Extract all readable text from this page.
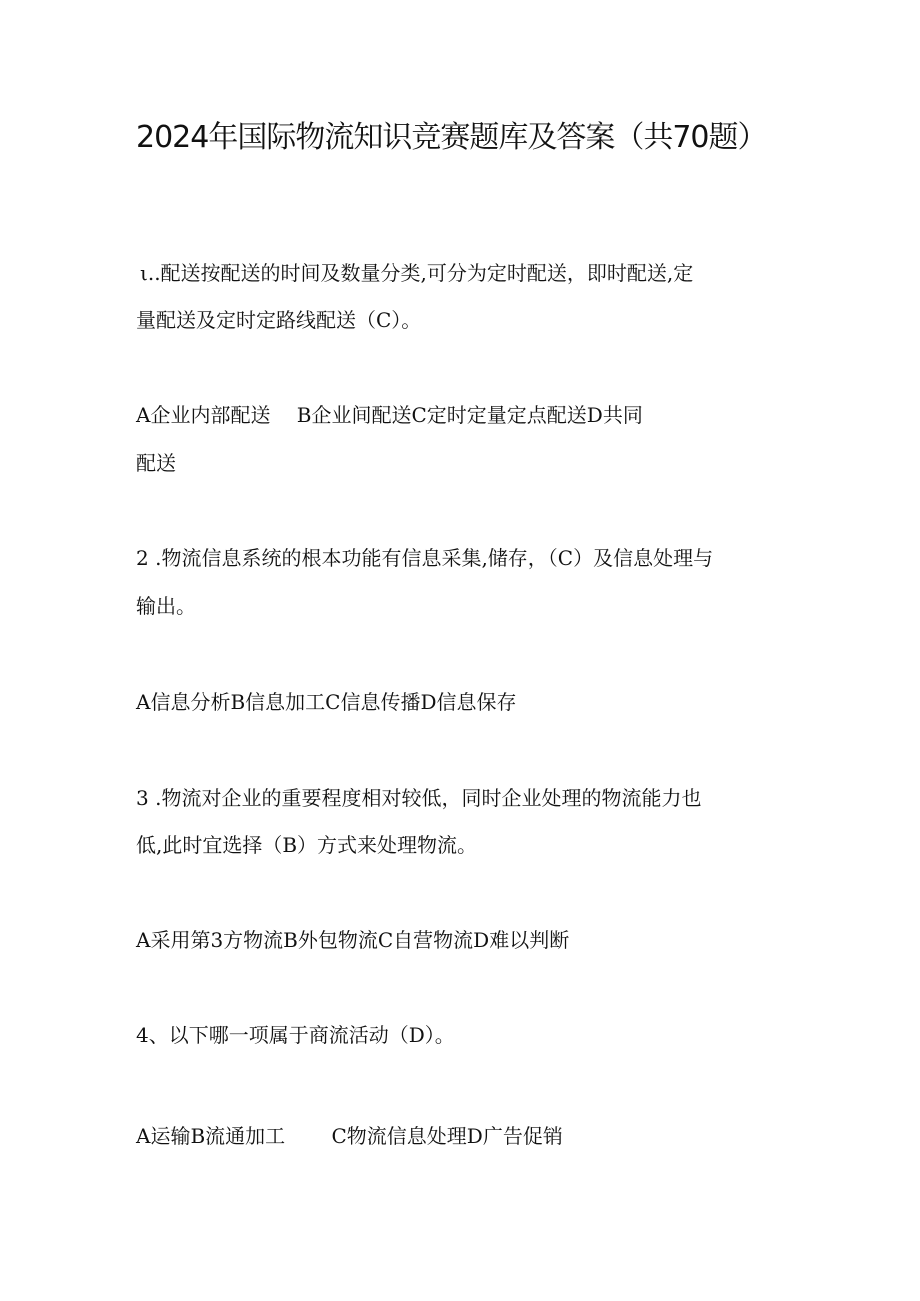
2024年国际物流知识竞赛题库及答案（共70题）
ι..配送按配送的时间及数量分类,可分为定时配送，即时配送,定
量配送及定时定路线配送（C）。
A企业内部配送　 B企业间配送C定时定量定点配送D共同
配送
2 .物流信息系统的根本功能有信息采集,储存，（C）及信息处理与
输出。
A信息分析B信息加工C信息传播D信息保存
3 .物流对企业的重要程度相对较低，同时企业处理的物流能力也
低,此时宜选择（B）方式来处理物流。
A采用第3方物流B外包物流C自营物流D难以判断
4、以下哪一项属于商流活动（D）。
A运输B流通加工　　 C物流信息处理D广告促销
